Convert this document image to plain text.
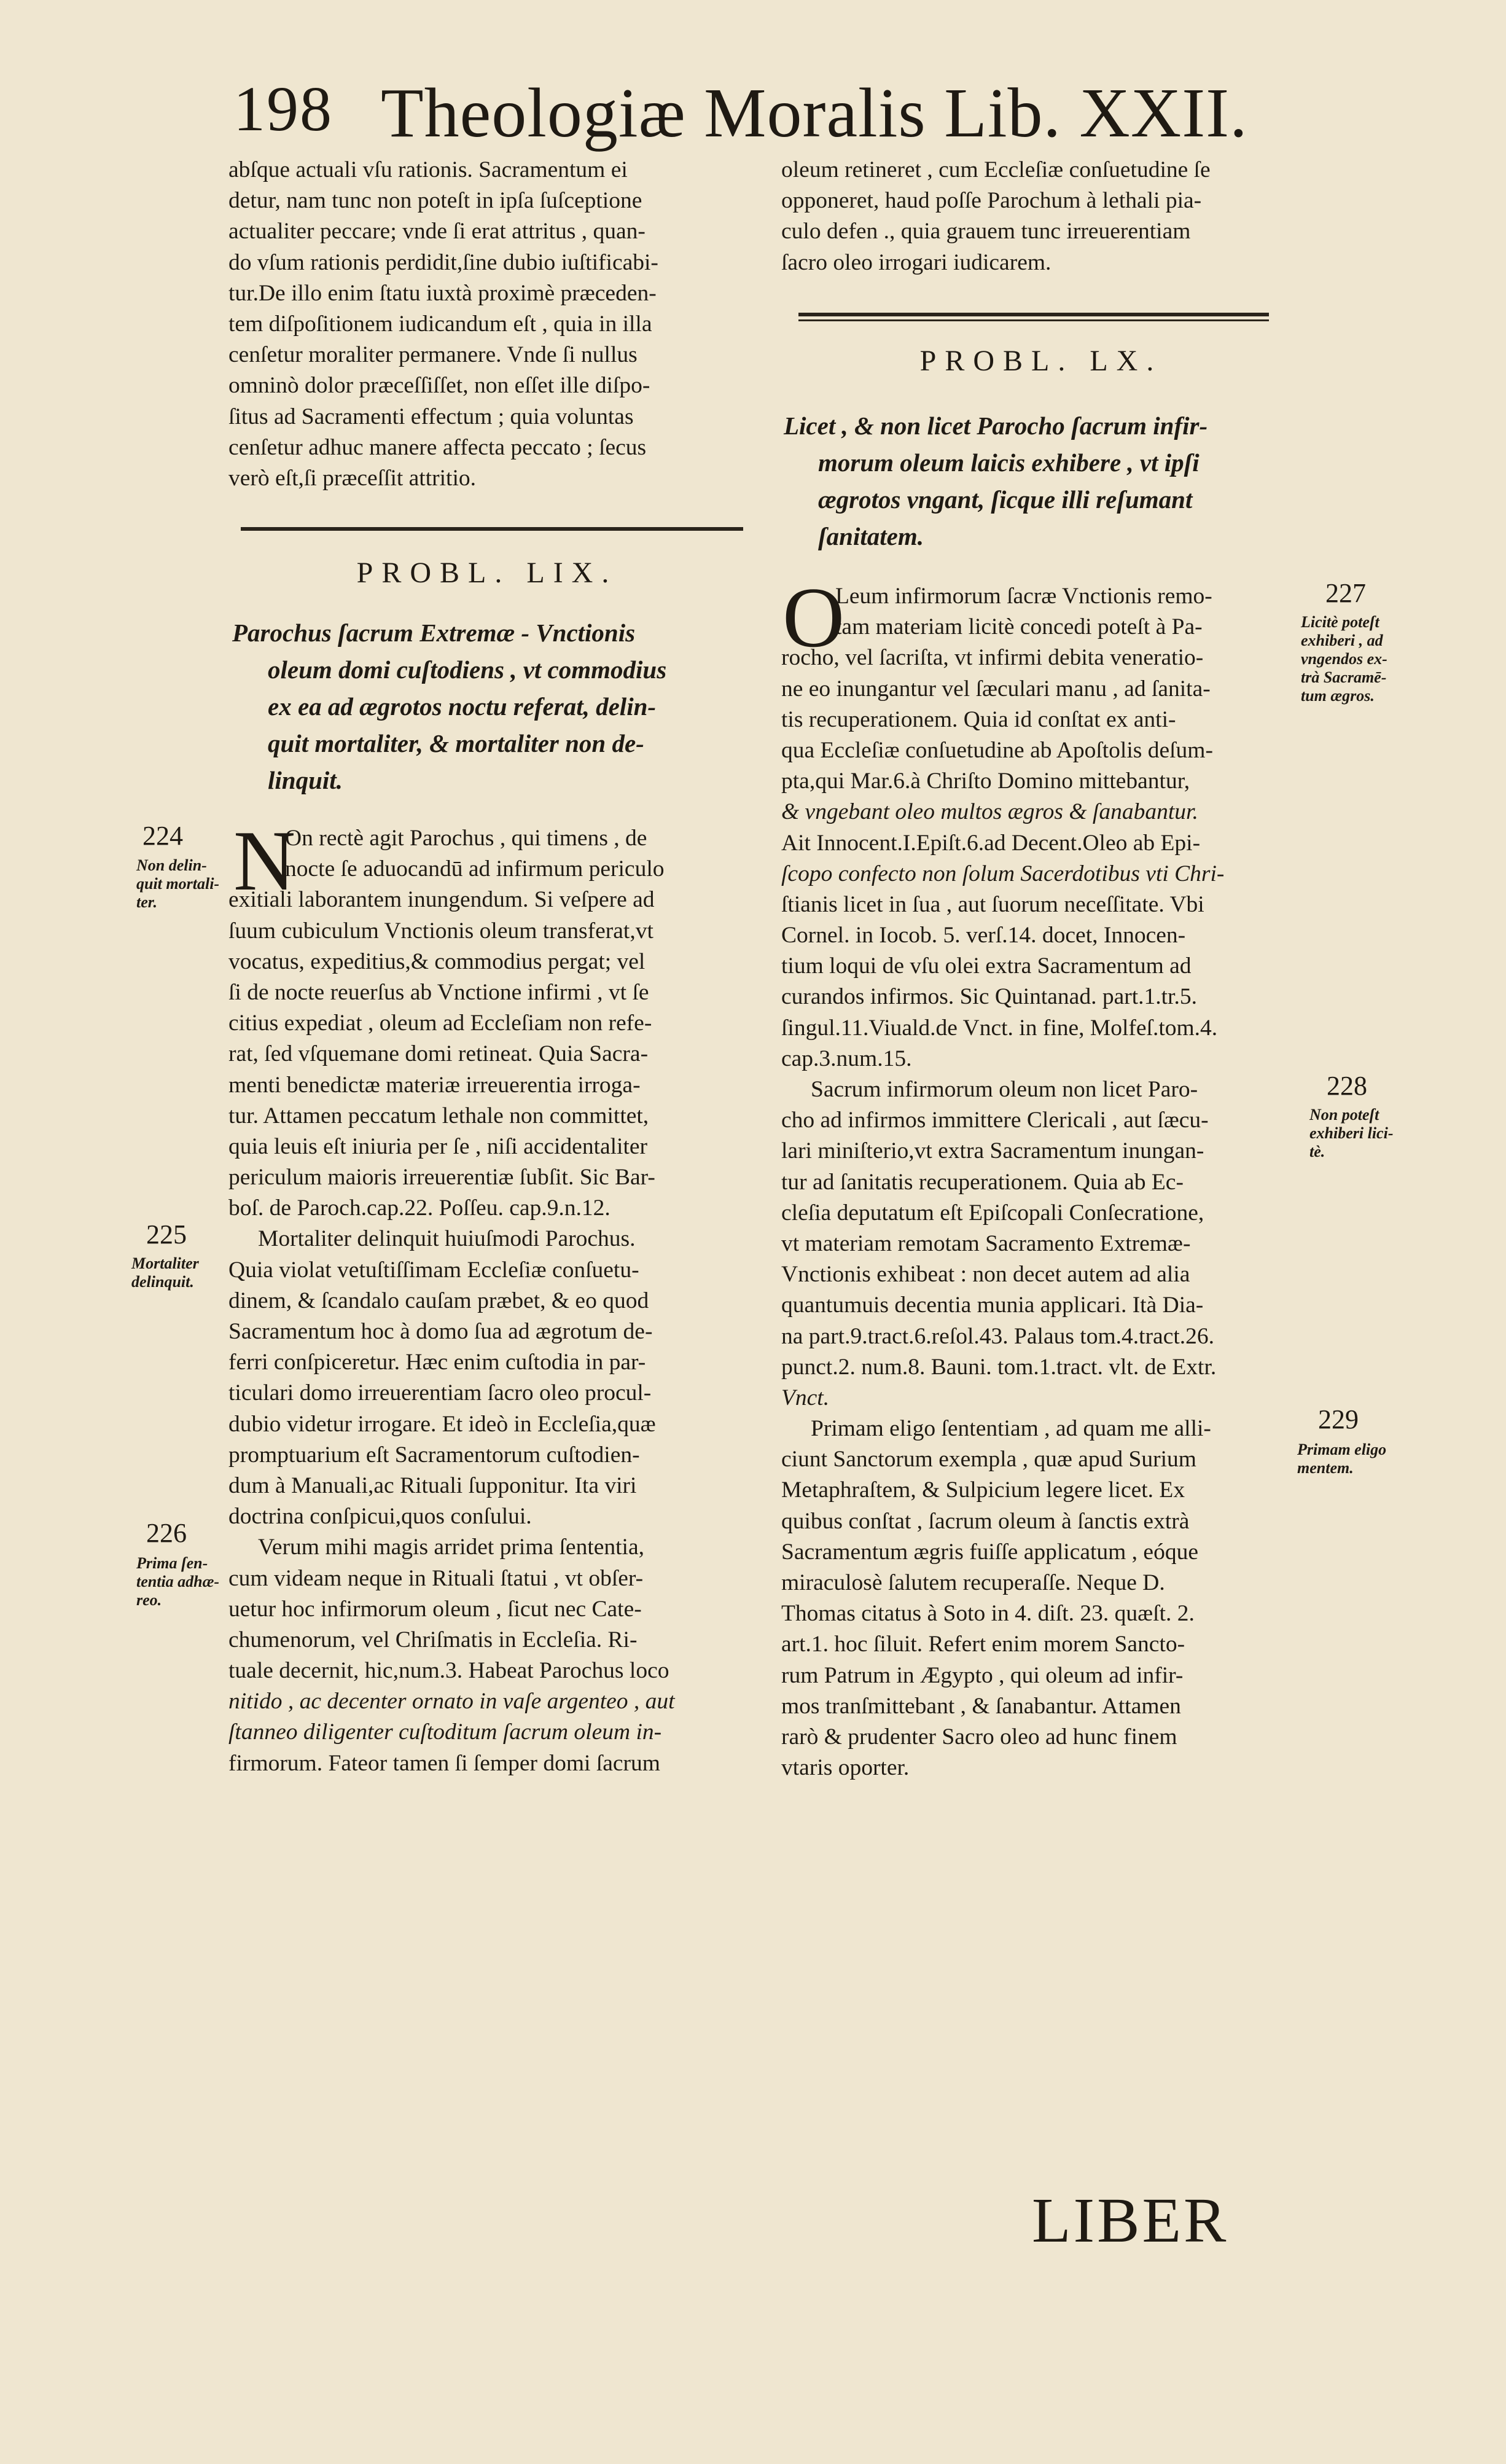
198 Theologiæ Moralis Lib. XXII.
abſque actuali vſu rationis. Sacramentum ei
detur, nam tunc non poteſt in ipſa ſuſceptione
actualiter peccare; vnde ſi erat attritus , quan-
do vſum rationis perdidit,ſine dubio iuſtificabi-
tur.De illo enim ſtatu iuxtà proximè præceden-
tem diſpoſitionem iudicandum eſt , quia in illa
cenſetur moraliter permanere. Vnde ſi nullus
omninò dolor præceſſiſſet, non eſſet ille diſpo-
ſitus ad Sacramenti effectum ; quia voluntas
cenſetur adhuc manere affecta peccato ; ſecus
verò eſt,ſi præceſſit attritio.
PROBL. LIX.
Parochus ſacrum Extremæ - Vnctionis
oleum domi cuſtodiens , vt commodius
ex ea ad ægrotos noctu referat, delin-
quit mortaliter, & mortaliter non de-
linquit.
N
On rectè agit Parochus , qui timens , de
nocte ſe aduocandū ad infirmum periculo
exitiali laborantem inungendum. Si veſpere ad
ſuum cubiculum Vnctionis oleum transferat,vt
vocatus, expeditius,& commodius pergat; vel
ſi de nocte reuerſus ab Vnctione infirmi , vt ſe
citius expediat , oleum ad Eccleſiam non refe-
rat, ſed vſquemane domi retineat. Quia Sacra-
menti benedictæ materiæ irreuerentia irroga-
tur. Attamen peccatum lethale non committet,
quia leuis eſt iniuria per ſe , niſi accidentaliter
periculum maioris irreuerentiæ ſubſit. Sic Bar-
boſ. de Paroch.cap.22. Poſſeu. cap.9.n.12.
Mortaliter delinquit huiuſmodi Parochus.
Quia violat vetuſtiſſimam Eccleſiæ conſuetu-
dinem, & ſcandalo cauſam præbet, & eo quod
Sacramentum hoc à domo ſua ad ægrotum de-
ferri conſpiceretur. Hæc enim cuſtodia in par-
ticulari domo irreuerentiam ſacro oleo procul-
dubio videtur irrogare. Et ideò in Eccleſia,quæ
promptuarium eſt Sacramentorum cuſtodien-
dum à Manuali,ac Rituali ſupponitur. Ita viri
doctrina conſpicui,quos conſului.
Verum mihi magis arridet prima ſententia,
cum videam neque in Rituali ſtatui , vt obſer-
uetur hoc infirmorum oleum , ſicut nec Cate-
chumenorum, vel Chriſmatis in Eccleſia. Ri-
tuale decernit, hic,num.3. Habeat Parochus loco
nitido , ac decenter ornato in vaſe argenteo , aut
ſtanneo diligenter cuſtoditum ſacrum oleum in-
firmorum. Fateor tamen ſi ſemper domi ſacrum
224
Non delin-
quit mortali-
ter.
225
Mortaliter
delinquit.
226
Prima ſen-
tentia adhæ-
reo.
oleum retineret , cum Eccleſiæ conſuetudine ſe
opponeret, haud poſſe Parochum à lethali pia-
culo defen ., quia grauem tunc irreuerentiam
ſacro oleo irrogari iudicarem.
PROBL. LX.
Licet , & non licet Parocho ſacrum infir-
morum oleum laicis exhibere , vt ipſi
ægrotos vngant, ſicque illi reſumant
ſanitatem.
O
Leum infirmorum ſacræ Vnctionis remo-
tam materiam licitè concedi poteſt à Pa-
rocho, vel ſacriſta, vt infirmi debita veneratio-
ne eo inungantur vel ſæculari manu , ad ſanita-
tis recuperationem. Quia id conſtat ex anti-
qua Eccleſiæ conſuetudine ab Apoſtolis deſum-
pta,qui Mar.6.à Chriſto Domino mittebantur,
& vngebant oleo multos ægros & ſanabantur.
Ait Innocent.I.Epiſt.6.ad Decent.Oleo ab Epi-
ſcopo confecto non ſolum Sacerdotibus vti Chri-
ſtianis licet in ſua , aut ſuorum neceſſitate. Vbi
Cornel. in Iocob. 5. verſ.14. docet, Innocen-
tium loqui de vſu olei extra Sacramentum ad
curandos infirmos. Sic Quintanad. part.1.tr.5.
ſingul.11.Viuald.de Vnct. in fine, Molfeſ.tom.4.
cap.3.num.15.
Sacrum infirmorum oleum non licet Paro-
cho ad infirmos immittere Clericali , aut ſæcu-
lari miniſterio,vt extra Sacramentum inungan-
tur ad ſanitatis recuperationem. Quia ab Ec-
cleſia deputatum eſt Epiſcopali Conſecratione,
vt materiam remotam Sacramento Extremæ-
Vnctionis exhibeat : non decet autem ad alia
quantumuis decentia munia applicari. Ità Dia-
na part.9.tract.6.reſol.43. Palaus tom.4.tract.26.
punct.2. num.8. Bauni. tom.1.tract. vlt. de Extr.
Vnct.
Primam eligo ſententiam , ad quam me alli-
ciunt Sanctorum exempla , quæ apud Surium
Metaphraſtem, & Sulpicium legere licet. Ex
quibus conſtat , ſacrum oleum à ſanctis extrà
Sacramentum ægris fuiſſe applicatum , eóque
miraculosè ſalutem recuperaſſe. Neque D.
Thomas citatus à Soto in 4. diſt. 23. quæſt. 2.
art.1. hoc ſiluit. Refert enim morem Sancto-
rum Patrum in Ægypto , qui oleum ad infir-
mos tranſmittebant , & ſanabantur. Attamen
rarò & prudenter Sacro oleo ad hunc finem
vtaris oporter.
227
Licitè poteſt
exhiberi , ad
vngendos ex-
trà Sacramē-
tum ægros.
228
Non poteſt
exhiberi lici-
tè.
229
Primam eligo
mentem.
LIBER
